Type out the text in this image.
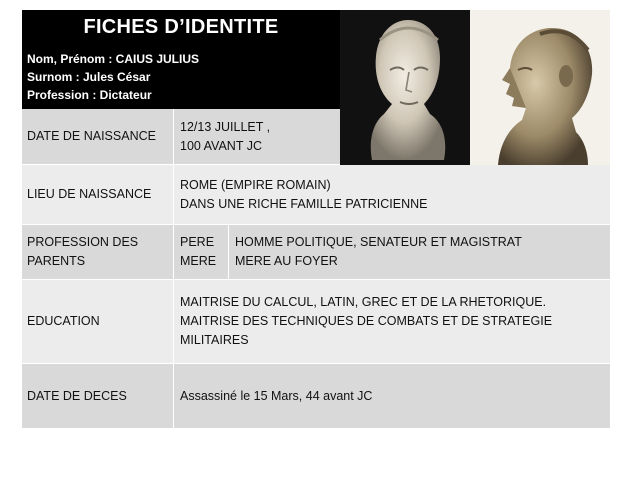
FICHES D’IDENTITE
Nom, Prénom : CAIUS JULIUS
Surnom : Jules César
Profession : Dictateur
DATE DE NAISSANCE
12/13 JUILLET ,
100 AVANT JC
LIEU DE NAISSANCE
ROME (EMPIRE ROMAIN)
DANS UNE RICHE FAMILLE PATRICIENNE
PROFESSION DES
PARENTS
PERE
MERE
HOMME POLITIQUE, SENATEUR ET MAGISTRAT
MERE AU FOYER
EDUCATION
MAITRISE DU CALCUL, LATIN, GREC ET DE LA RHETORIQUE.
MAITRISE DES TECHNIQUES DE COMBATS ET DE STRATEGIE
MILITAIRES
DATE DE DECES	Assassiné le 15 Mars, 44 avant JC
